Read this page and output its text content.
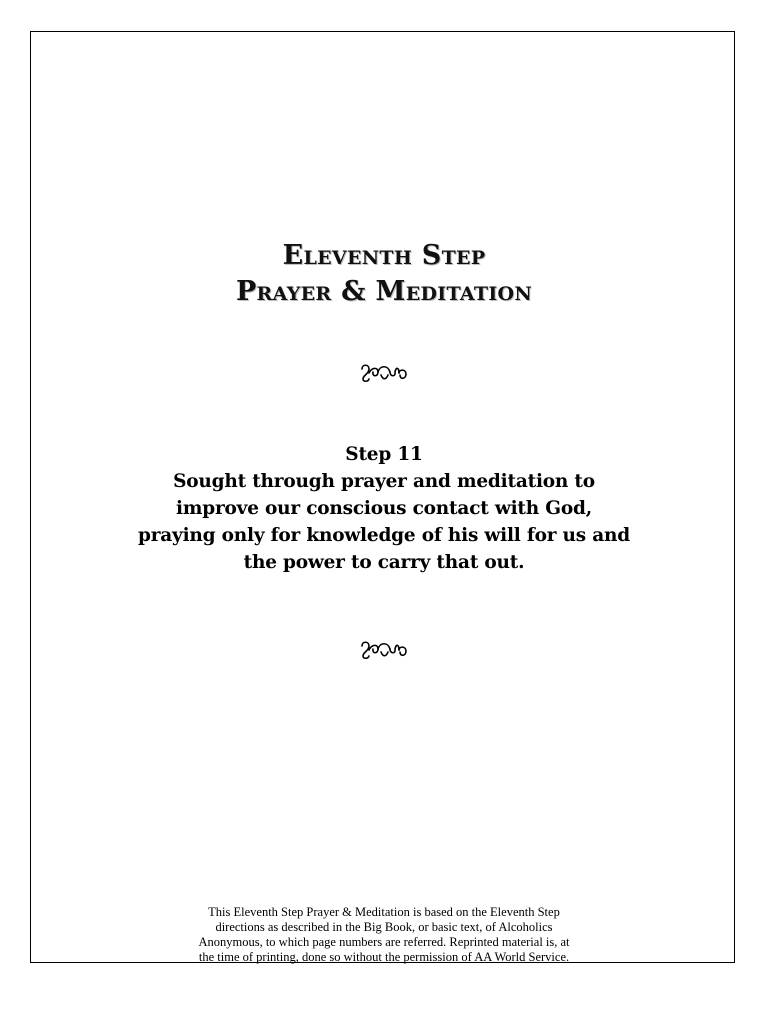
Eleventh Step
Prayer & Meditation
Step 11
Sought through prayer and meditation to
improve our conscious contact with God,
praying only for knowledge of his will for us and
the power to carry that out.
This Eleventh Step Prayer & Meditation is based on the Eleventh Step
directions as described in the Big Book, or basic text, of Alcoholics
Anonymous, to which page numbers are referred. Reprinted material is, at
the time of printing, done so without the permission of AA World Service.
